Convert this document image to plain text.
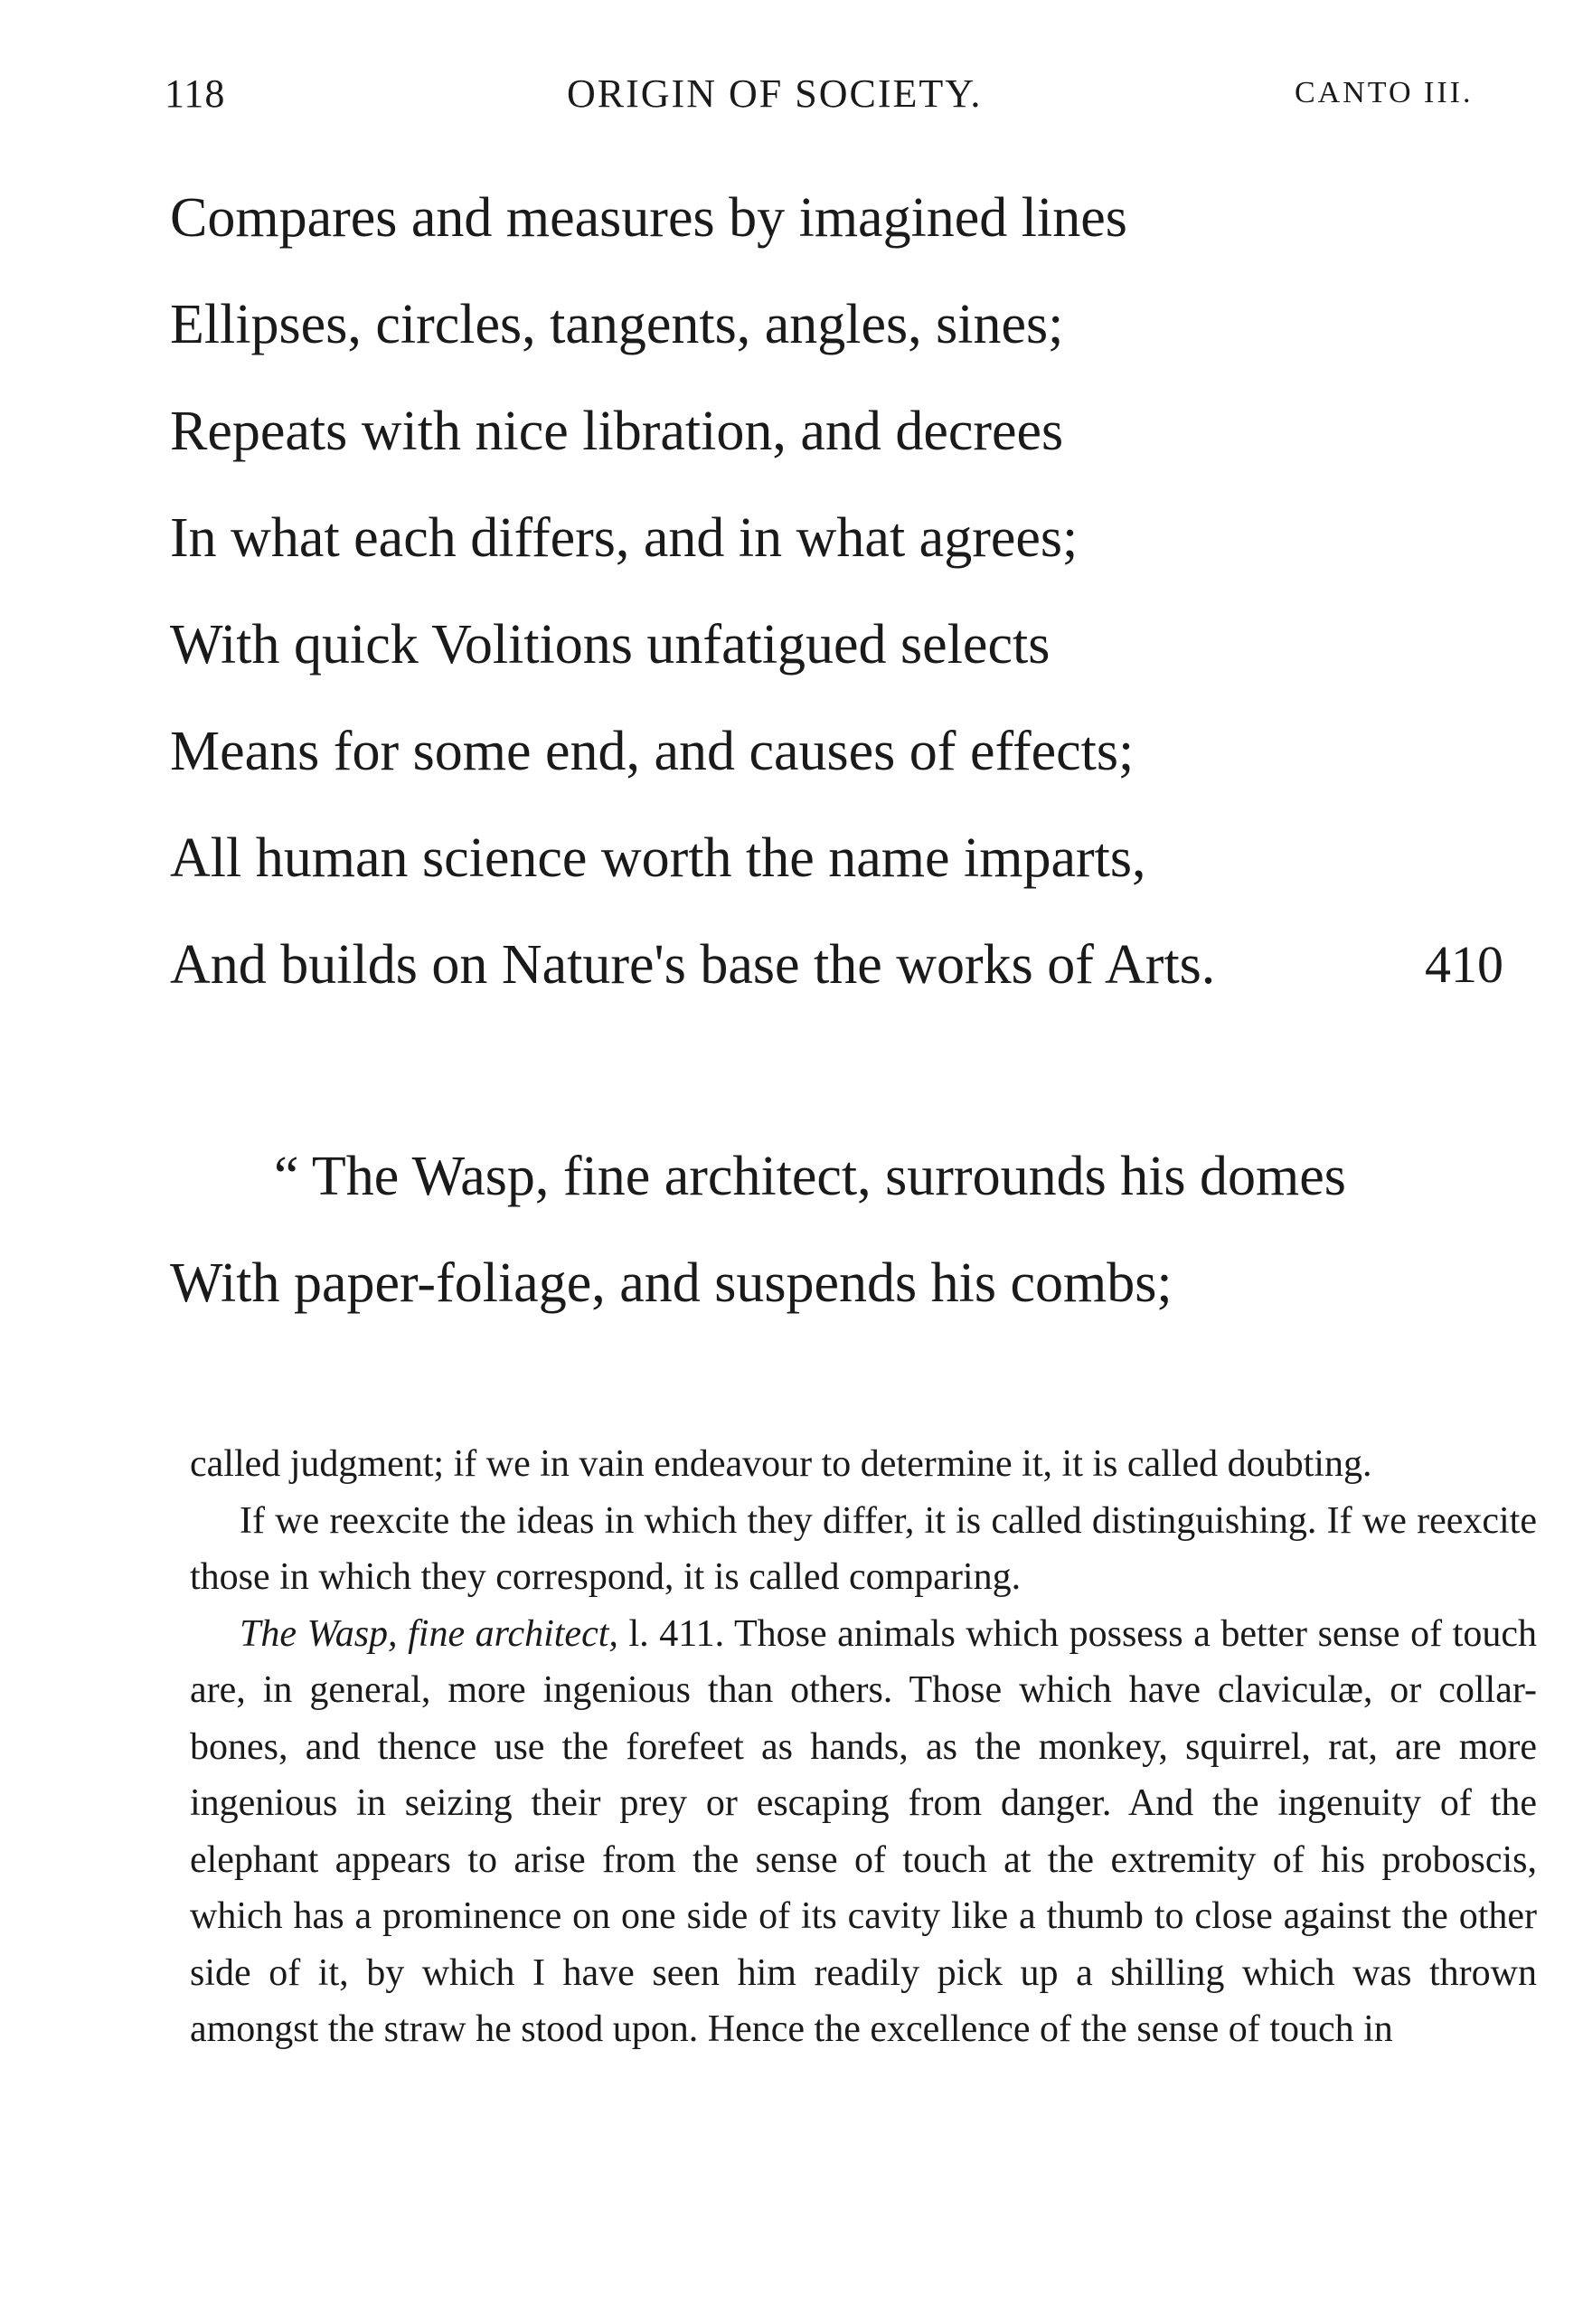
118	ORIGIN OF SOCIETY.	CANTO III.
Compares and measures by imagined lines
Ellipses, circles, tangents, angles, sines;
Repeats with nice libration, and decrees
In what each differs, and in what agrees;
With quick Volitions unfatigued selects
Means for some end, and causes of effects;
All human science worth the name imparts,
And builds on Nature's base the works of Arts.	410
“ The Wasp, fine architect, surrounds his domes
With paper-foliage, and suspends his combs;

called judgment; if we in vain endeavour to determine it, it is called doubting.

If we reexcite the ideas in which they differ, it is called distinguishing. If we reexcite those in which they correspond, it is called comparing.

The Wasp, fine architect, l. 411. Those animals which possess a better sense of touch are, in general, more ingenious than others. Those which have claviculæ, or collar-bones, and thence use the forefeet as hands, as the monkey, squirrel, rat, are more ingenious in seizing their prey or escaping from danger. And the ingenuity of the elephant appears to arise from the sense of touch at the extremity of his proboscis, which has a prominence on one side of its cavity like a thumb to close against the other side of it, by which I have seen him readily pick up a shilling which was thrown amongst the straw he stood upon. Hence the excellence of the sense of touch in
